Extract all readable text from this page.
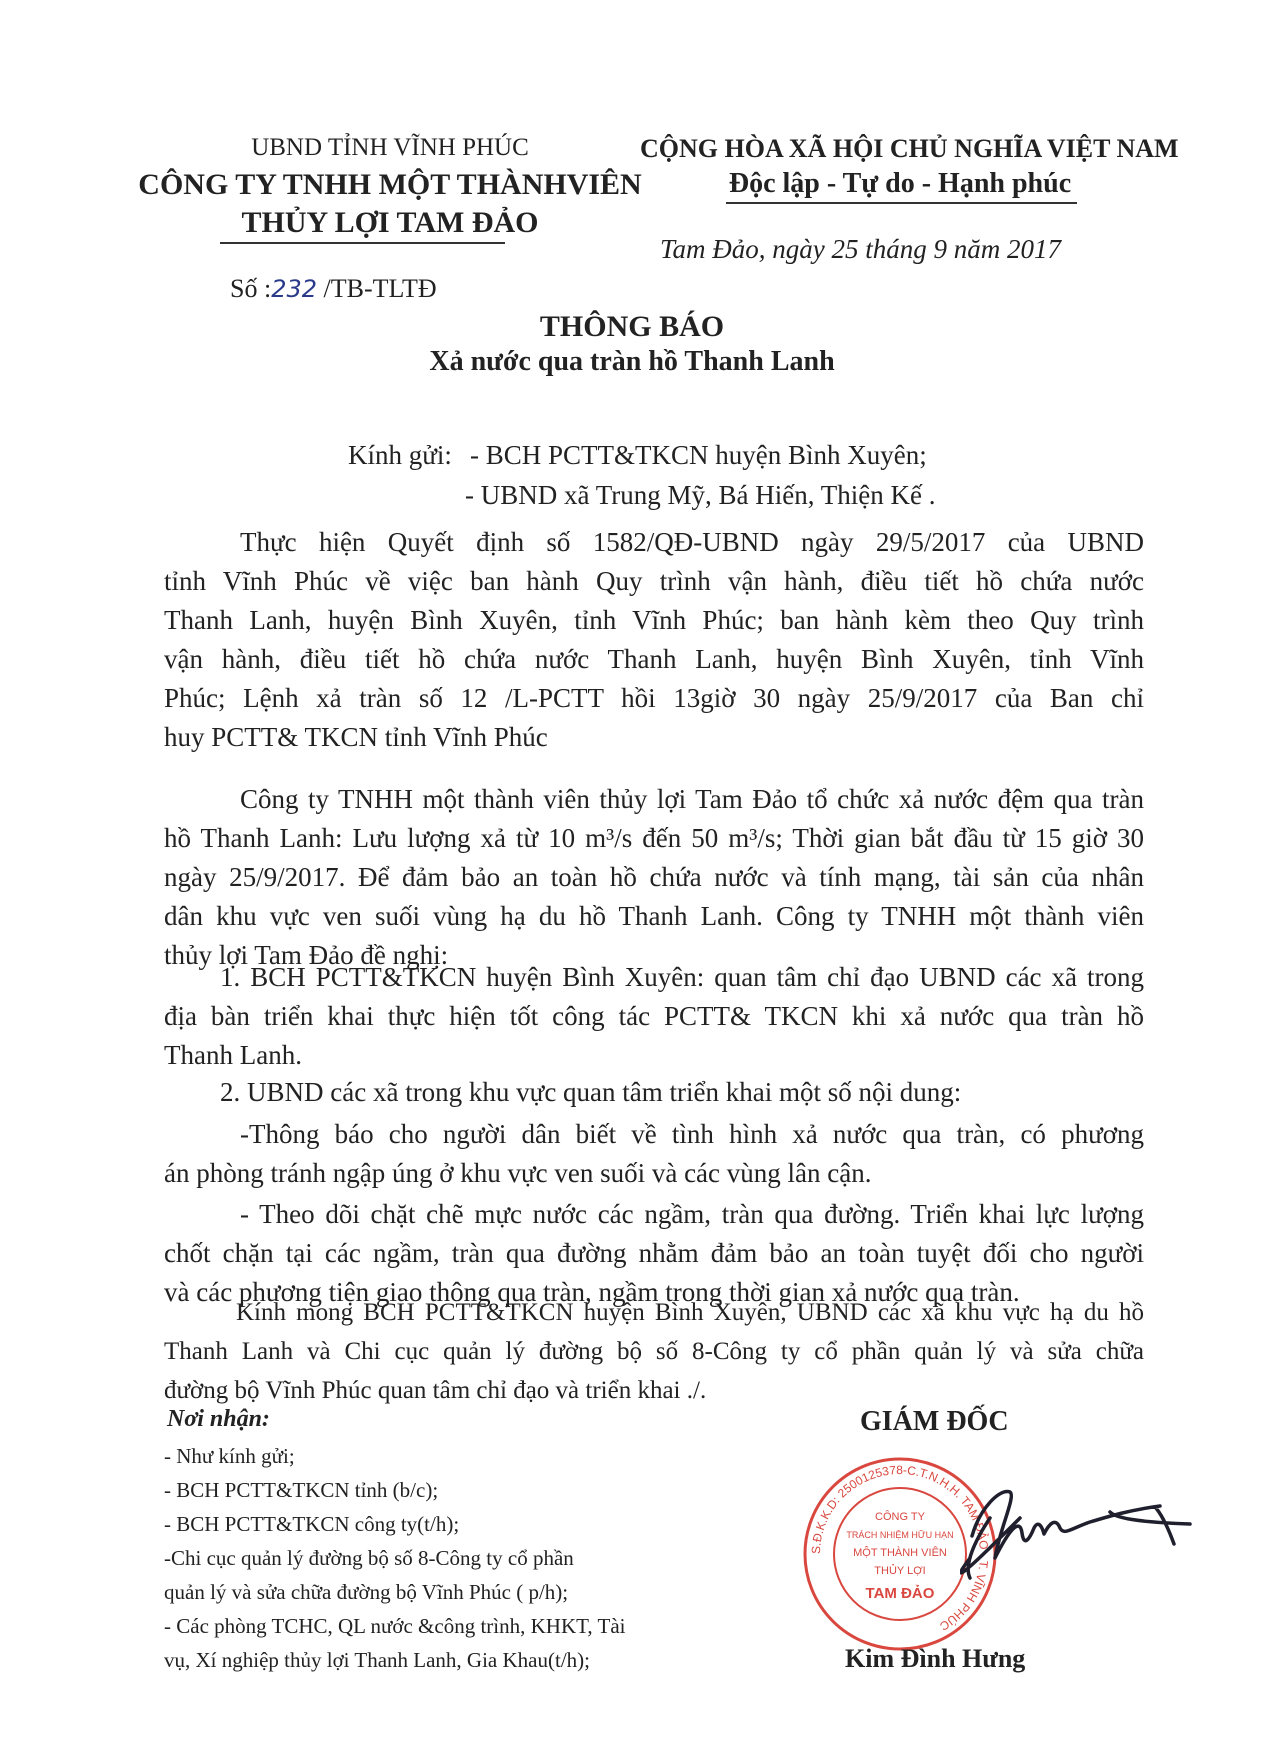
UBND TỈNH VĨNH PHÚC
CÔNG TY TNHH MỘT THÀNHVIÊN
THỦY LỢI TAM ĐẢO
Số :232 /TB-TLTĐ
CỘNG HÒA XÃ HỘI CHỦ NGHĨA VIỆT NAM
Độc lập - Tự do - Hạnh phúc
Tam Đảo, ngày 25 tháng 9 năm 2017
THÔNG BÁO
Xả nước qua tràn hồ Thanh Lanh
Kính gửi: - BCH PCTT&TKCN huyện Bình Xuyên;
- UBND xã Trung Mỹ, Bá Hiến, Thiện Kế .
Thực hiện Quyết định số 1582/QĐ-UBND ngày 29/5/2017 của UBND
tỉnh Vĩnh Phúc về việc ban hành Quy trình vận hành, điều tiết hồ chứa nước
Thanh Lanh, huyện Bình Xuyên, tỉnh Vĩnh Phúc; ban hành kèm theo Quy trình
vận hành, điều tiết hồ chứa nước Thanh Lanh, huyện Bình Xuyên, tỉnh Vĩnh
Phúc; Lệnh xả tràn số 12 /L-PCTT hồi 13giờ 30 ngày 25/9/2017 của Ban chỉ
huy PCTT& TKCN tỉnh Vĩnh Phúc
Công ty TNHH một thành viên thủy lợi Tam Đảo tổ chức xả nước đệm qua tràn
hồ Thanh Lanh: Lưu lượng xả từ 10 m³/s đến 50 m³/s; Thời gian bắt đầu từ 15 giờ 30
ngày 25/9/2017. Để đảm bảo an toàn hồ chứa nước và tính mạng, tài sản của nhân
dân khu vực ven suối vùng hạ du hồ Thanh Lanh. Công ty TNHH một thành viên
thủy lợi Tam Đảo đề nghị:
1. BCH PCTT&TKCN huyện Bình Xuyên: quan tâm chỉ đạo UBND các xã trong
địa bàn triển khai thực hiện tốt công tác PCTT& TKCN khi xả nước qua tràn hồ
Thanh Lanh.
2. UBND các xã trong khu vực quan tâm triển khai một số nội dung:
-Thông báo cho người dân biết về tình hình xả nước qua tràn, có phương
án phòng tránh ngập úng ở khu vực ven suối và các vùng lân cận.
- Theo dõi chặt chẽ mực nước các ngầm, tràn qua đường. Triển khai lực lượng
chốt chặn tại các ngầm, tràn qua đường nhằm đảm bảo an toàn tuyệt đối cho người
và các phương tiện giao thông qua tràn, ngầm trong thời gian xả nước qua tràn.
Kính mong BCH PCTT&TKCN huyện Bình Xuyên, UBND các xã khu vực hạ du hồ
Thanh Lanh và Chi cục quản lý đường bộ số 8-Công ty cổ phần quản lý và sửa chữa
đường bộ Vĩnh Phúc quan tâm chỉ đạo và triển khai ./.
Nơi nhận:
- Như kính gửi;
- BCH PCTT&TKCN tỉnh (b/c);
- BCH PCTT&TKCN công ty(t/h);
-Chi cục quản lý đường bộ số 8-Công ty cổ phần
quản lý và sửa chữa đường bộ Vĩnh Phúc ( p/h);
- Các phòng TCHC, QL nước &công trình, KHKT, Tài
vụ, Xí nghiệp thủy lợi Thanh Lanh, Gia Khau(t/h);
GIÁM ĐỐC
S.Đ.K.K.D: 2500125378-C.T.N.H.H. TAM ĐẢO - T. VĨNH PHÚC
CÔNG TY
TRÁCH NHIỆM HỮU HẠN
MỘT THÀNH VIÊN
THỦY LỢI
TAM ĐẢO
Kim Đình Hưng
